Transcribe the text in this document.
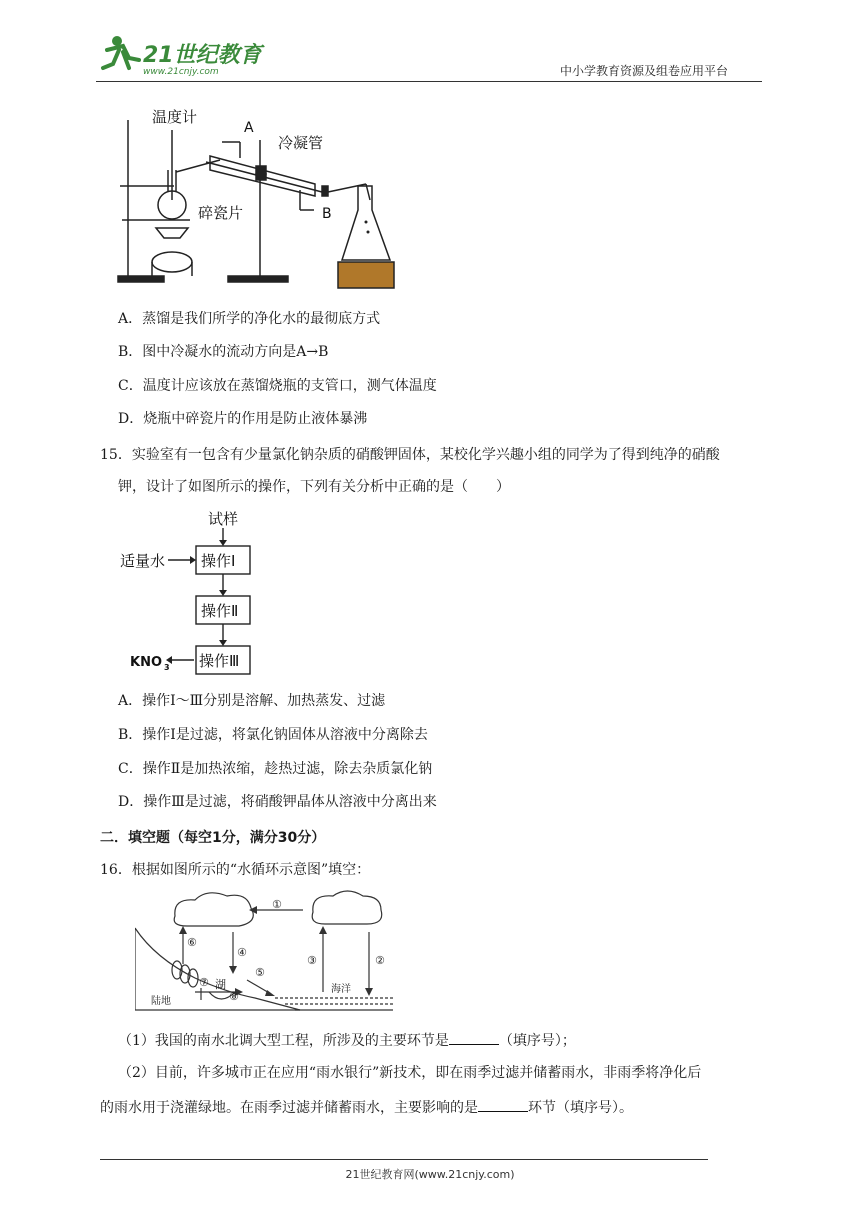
21世纪教育
www.21cnjy.com	中小学教育资源及组卷应用平台
温度计
A
冷凝管
碎瓷片	B
A．蒸馏是我们所学的净化水的最彻底方式
B．图中冷凝水的流动方向是A→B
C．温度计应该放在蒸馏烧瓶的支管口，测气体温度
D．烧瓶中碎瓷片的作用是防止液体暴沸
15．实验室有一包含有少量氯化钠杂质的硝酸钾固体，某校化学兴趣小组的同学为了得到纯净的硝酸
钾，设计了如图所示的操作，下列有关分析中正确的是（　　）
试样
适量水 操作Ⅰ
操作Ⅱ
操作Ⅲ
KNO 3
A．操作Ⅰ～Ⅲ分别是溶解、加热蒸发、过滤
B．操作Ⅰ是过滤，将氯化钠固体从溶液中分离除去
C．操作Ⅱ是加热浓缩，趁热过滤，除去杂质氯化钠
D．操作Ⅲ是过滤，将硝酸钾晶体从溶液中分离出来
二．填空题（每空1分，满分30分）
16．根据如图所示的“水循环示意图”填空：
①
②
③
④
⑤
⑥
⑦
⑧
湖
陆地
海洋
（1）我国的南水北调大型工程，所涉及的主要环节是	（填序号）；
（2）目前，许多城市正在应用“雨水银行”新技术，即在雨季过滤并储蓄雨水，非雨季将净化后
的雨水用于浇灌绿地。在雨季过滤并储蓄雨水，主要影响的是	环节（填序号）。
21世纪教育网(www.21cnjy.com)
